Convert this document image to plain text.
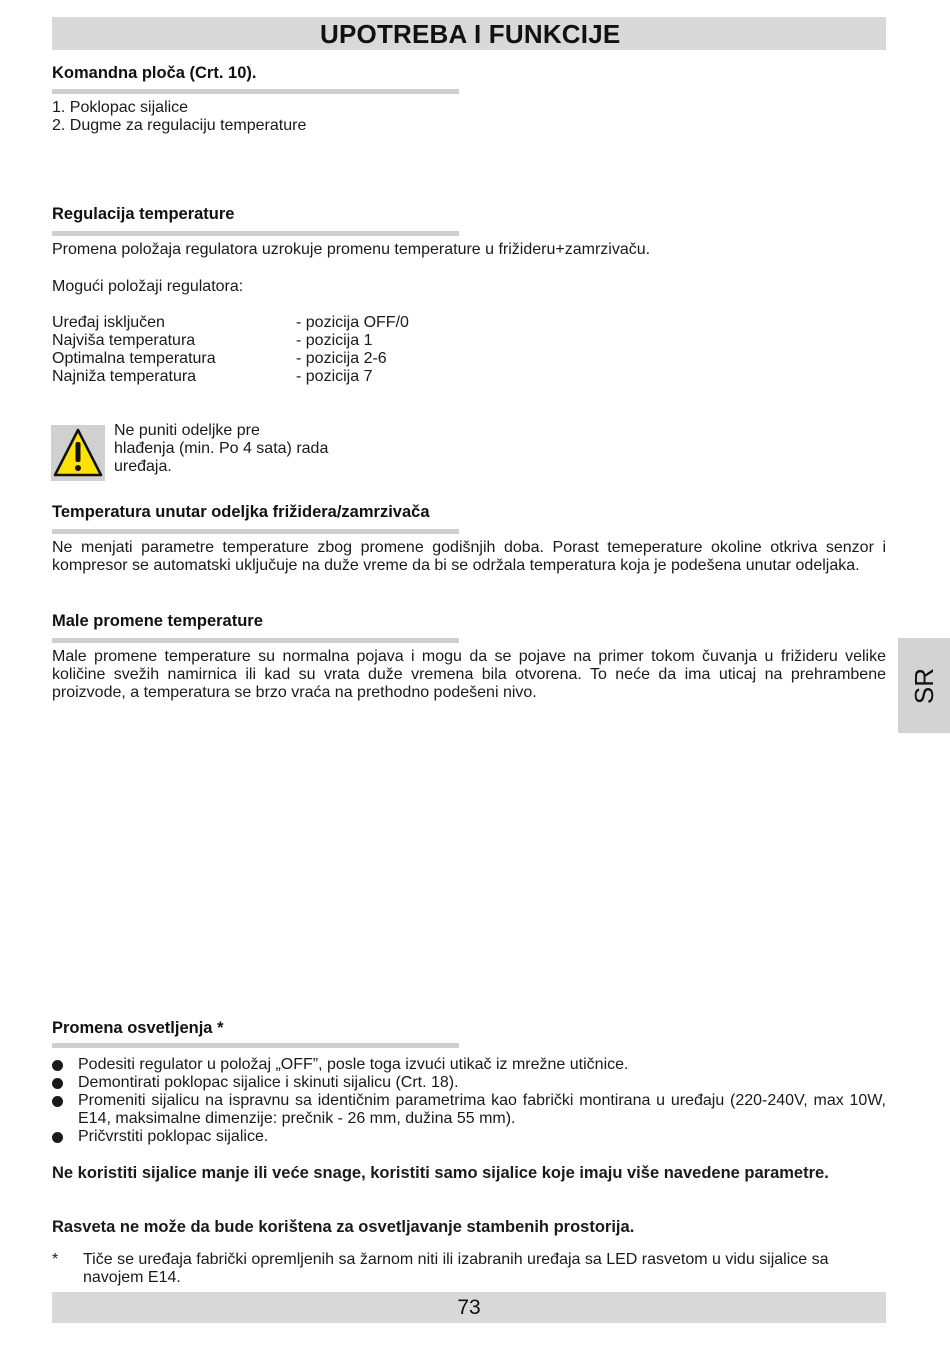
UPOTREBA I FUNKCIJE
Komandna ploča (Crt. 10).
1. Poklopac sijalice
2. Dugme za regulaciju temperature
Regulacija temperature
Promena položaja regulatora uzrokuje promenu temperature u frižideru+zamrzivaču.
Mogući položaji regulatora:
Uređaj isključen	- pozicija OFF/0
Najviša temperatura	- pozicija 1
Optimalna temperatura	- pozicija 2-6
Najniža temperatura	- pozicija 7
Ne puniti odeljke pre
hlađenja (min. Po 4 sata) rada
uređaja.
Temperatura unutar odeljka frižidera/zamrzivača
Ne menjati parametre temperature zbog promene godišnjih doba. Porast temeperature okoline otkriva senzor i kompresor se automatski uključuje na duže vreme da bi se održala temperatura koja je podešena unutar odeljaka.
Male promene temperature
Male promene temperature su normalna pojava i mogu da se pojave na primer tokom čuvanja u frižideru velike količine svežih namirnica ili kad su vrata duže vremena bila otvorena. To neće da ima uticaj na prehrambene proizvode, a temperatura se brzo vraća na prethodno podešeni nivo.	SR
Promena osvetljenja *
Podesiti regulator u položaj „OFF”, posle toga izvući utikač iz mrežne utičnice.
Demontirati poklopac sijalice i skinuti sijalicu (Crt. 18).
Promeniti sijalicu na ispravnu sa identičnim parametrima kao fabrički montirana u uređaju (220-240V, max 10W, E14, maksimalne dimenzije: prečnik - 26 mm, dužina 55 mm).
Pričvrstiti poklopac sijalice.
Ne koristiti sijalice manje ili veće snage, koristiti samo sijalice koje imaju više navedene parametre.
Rasveta ne može da bude korištena za osvetljavanje stambenih prostorija.
* Tiče se uređaja fabrički opremljenih sa žarnom niti ili izabranih uređaja sa LED rasvetom u vidu sijalice sa navojem E14.
73
